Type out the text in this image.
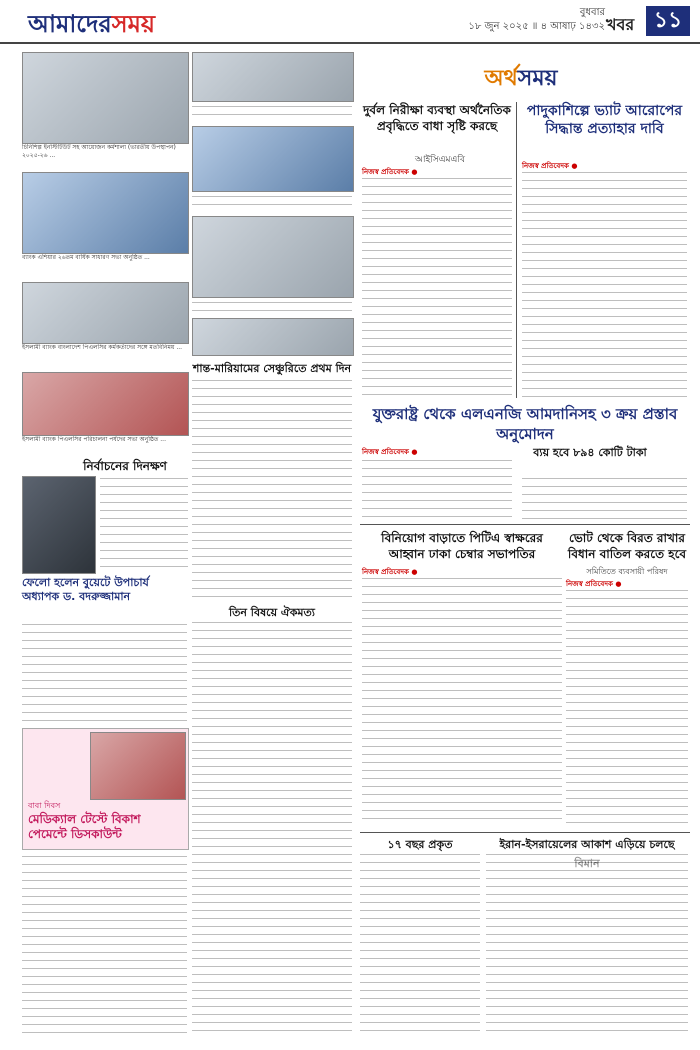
আমাদেরসময়	বুধবার
১৮ জুন ২০২৫ ॥ ৪ আষাঢ় ১৪৩২ খবর ১১
চিনিশিল্প ইনস্টিটিউট সহ আয়োজন কর্মশালা (ভারতীয় উপস্থাপন) ২০২৫-২৬ ...
ব্যাংক এশিয়ার ২৬তম বার্ষিক সাধারণ সভা অনুষ্ঠিত ...
ইসলামী ব্যাংক বাংলাদেশ পিএলসির কর্মকর্তাদের সঙ্গে মতবিনিময় ...
ইসলামী ব্যাংক পিএলসির পরিচালনা পর্ষদের সভা অনুষ্ঠিত ...
নির্বাচনের দিনক্ষণ
ফেলো হলেন বুয়েটে উপাচার্য অধ্যাপক ড. বদরুজ্জামান
বাবা দিবস
মেডিক্যাল টেস্টে বিকাশ পেমেন্টে ডিসকাউন্ট
শান্ত-মারিয়ামের সেঞ্চুরিতে প্রথম দিন
তিন বিষয়ে ঐকমত্য
অর্থসময়
দুর্বল নিরীক্ষা ব্যবস্থা অর্থনৈতিক প্রবৃদ্ধিতে বাধা সৃষ্টি করছে
আইসিএমএবি
নিজস্ব প্রতিবেদক ●
পাদুকাশিল্পে ভ্যাট আরোপের সিদ্ধান্ত প্রত্যাহার দাবি
নিজস্ব প্রতিবেদক ●
যুক্তরাষ্ট্র থেকে এলএনজি আমদানিসহ ৩ ক্রয় প্রস্তাব অনুমোদন
ব্যয় হবে ৮৯৪ কোটি টাকা
নিজস্ব প্রতিবেদক ●
বিনিয়োগ বাড়াতে পিটিএ স্বাক্ষরের আহ্বান ঢাকা চেম্বার সভাপতির
নিজস্ব প্রতিবেদক ●
ভোট থেকে বিরত রাখার বিধান বাতিল করতে হবে
সমিতিতে ব্যবসায়ী পরিষদ
নিজস্ব প্রতিবেদক ●
১৭ বছর প্রকৃত	ইরান-ইসরায়েলের আকাশ এড়িয়ে চলছে
